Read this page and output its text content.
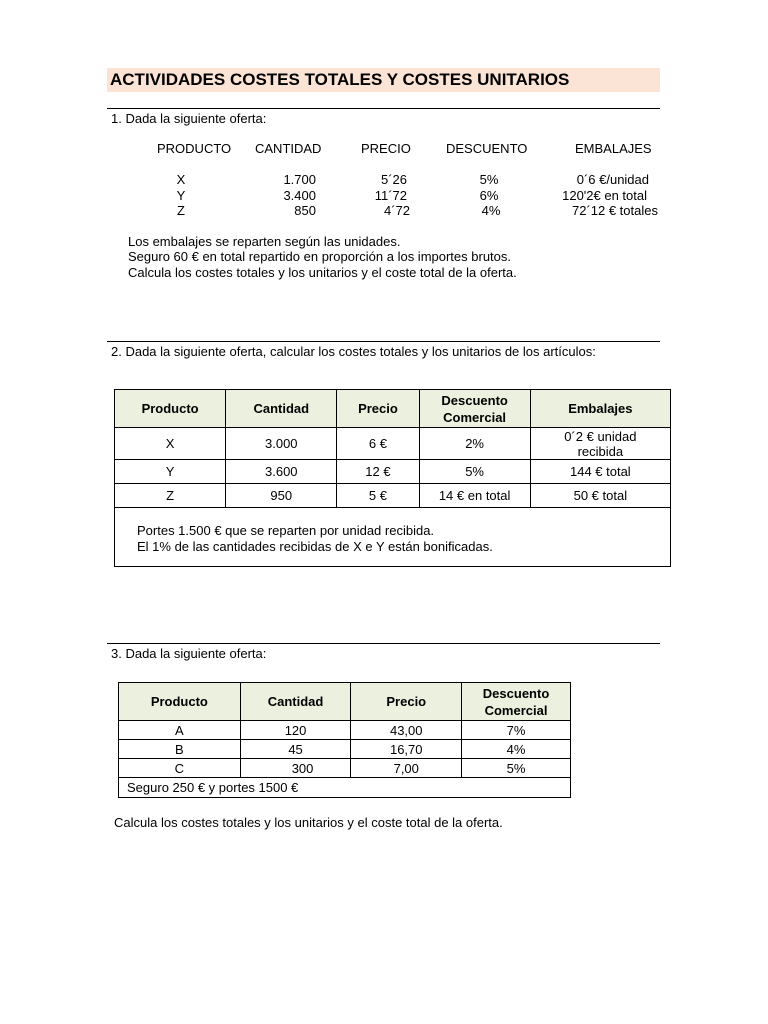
ACTIVIDADES COSTES TOTALES Y COSTES UNITARIOS
1. Dada la siguiente oferta:
PRODUCTO CANTIDAD	PRECIO	DESCUENTO	EMBALAJES
X	1.700	5´26	5%	0´6 €/unidad
Y	3.400	11´72	6%	120'2€ en total
Z	850	4´72	4%	72´12 € totales
Los embalajes se reparten según las unidades.
Seguro 60 € en total repartido en proporción a los importes brutos.
Calcula los costes totales y los unitarios y el coste total de la oferta.
2. Dada la siguiente oferta, calcular los costes totales y los unitarios de los artículos:
Producto	Cantidad	Precio	Descuento Comercial	Embalajes
X	3.000	6 €	2%	0´2 € unidad recibida
Y	3.600	12 €	5%	144 € total
Z	950	5 €	14 € en total	50 € total
Portes 1.500 € que se reparten por unidad recibida.
El 1% de las cantidades recibidas de X e Y están bonificadas.
3. Dada la siguiente oferta:
Producto	Cantidad	Precio	Descuento Comercial
A	120	43,00	7%
B	45	16,70	4%
C	300	7,00	5%
Seguro 250 € y portes 1500 €			
Calcula los costes totales y los unitarios y el coste total de la oferta.
